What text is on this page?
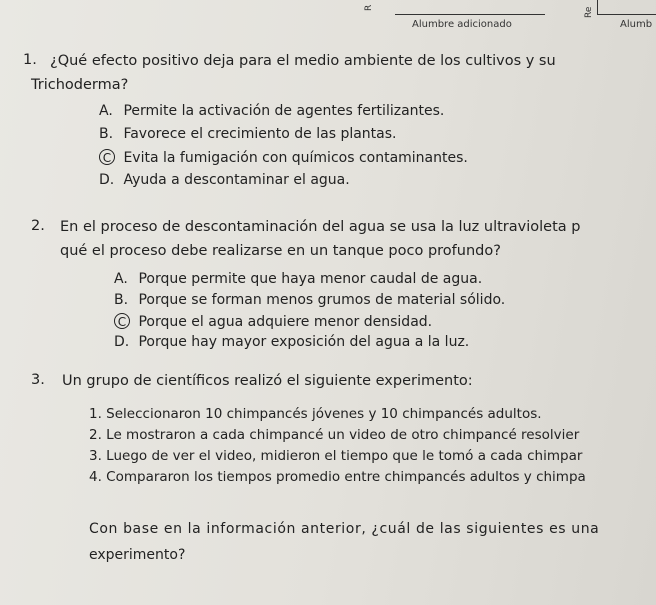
Alumbre adicionado	Alumb
R	Re
1. ¿Qué efecto positivo deja para el medio ambiente de los cultivos y su
Trichoderma?
A. Permite la activación de agentes fertilizantes.
B. Favorece el crecimiento de las plantas.
C Evita la fumigación con químicos contaminantes.
D. Ayuda a descontaminar el agua.
2. En el proceso de descontaminación del agua se usa la luz ultravioleta p
qué el proceso debe realizarse en un tanque poco profundo?
A. Porque permite que haya menor caudal de agua.
B. Porque se forman menos grumos de material sólido.
C Porque el agua adquiere menor densidad.
D. Porque hay mayor exposición del agua a la luz.
3. Un grupo de científicos realizó el siguiente experimento:
1. Seleccionaron 10 chimpancés jóvenes y 10 chimpancés adultos.
2. Le mostraron a cada chimpancé un video de otro chimpancé resolvier
3. Luego de ver el video, midieron el tiempo que le tomó a cada chimpar
4. Compararon los tiempos promedio entre chimpancés adultos y chimpa
Con base en la información anterior, ¿cuál de las siguientes es una
experimento?
